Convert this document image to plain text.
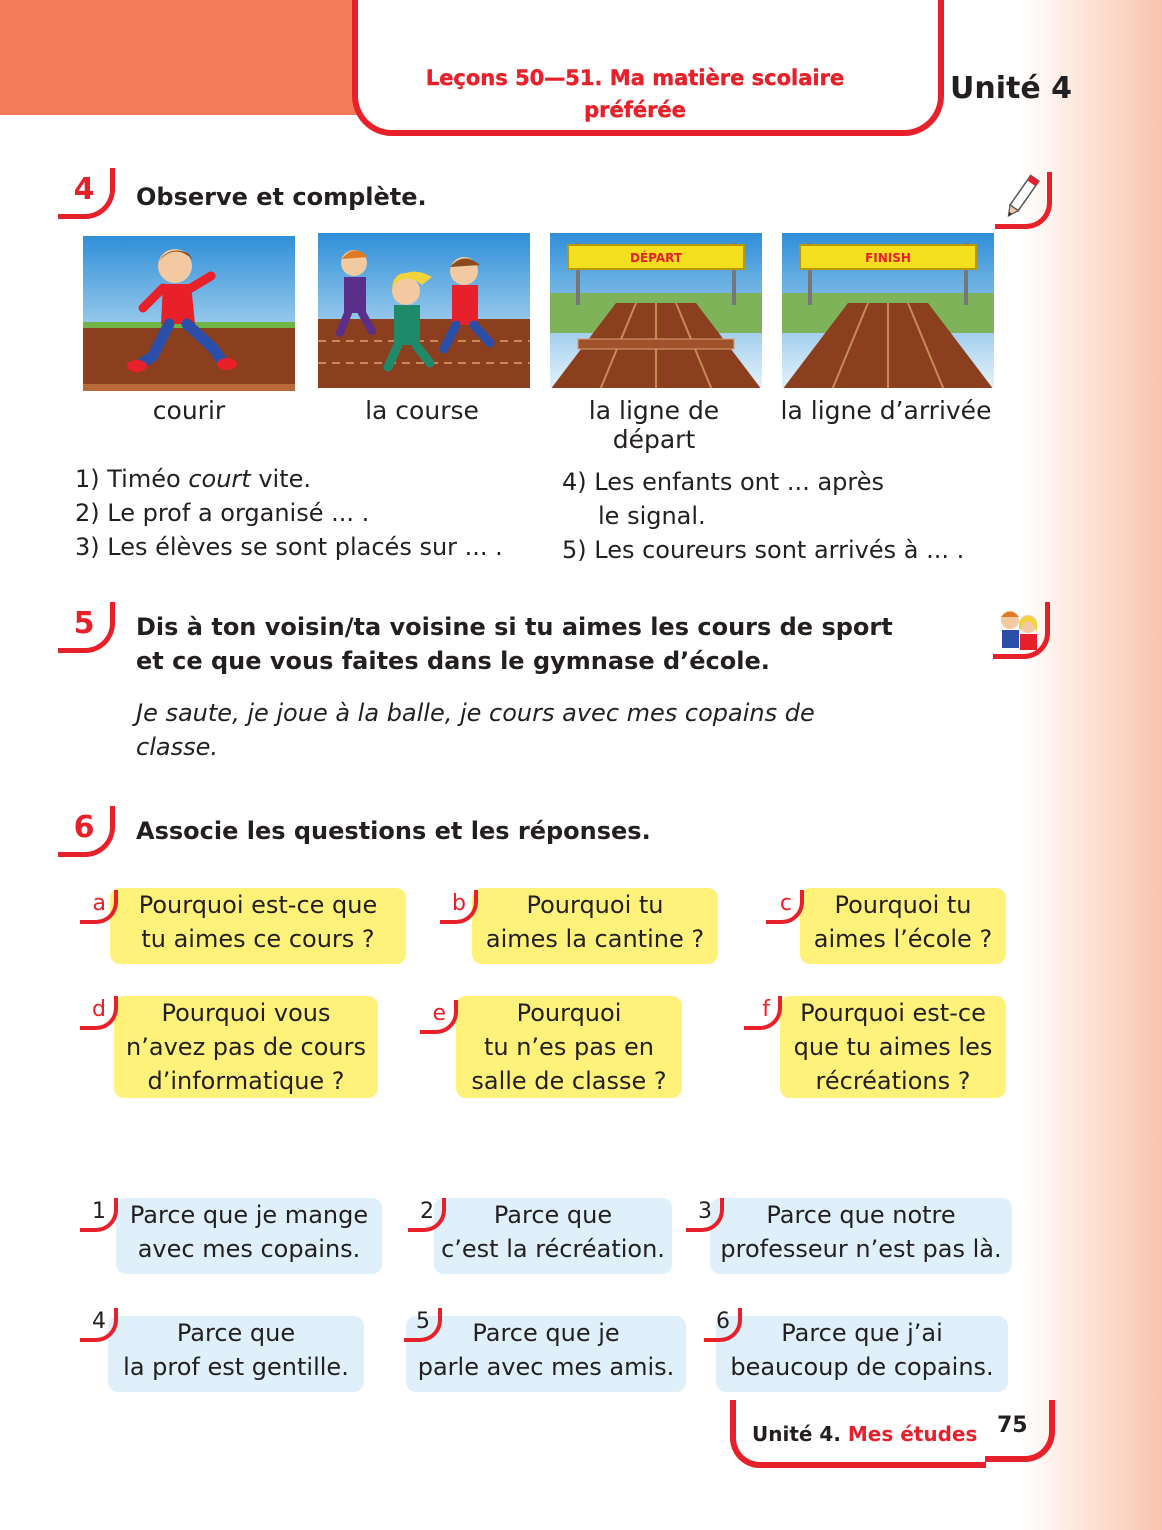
Leçons 50—51. Ma matière scolaire préférée
Unité 4
4	Observe et complète.
DÉPART	FINISH
courir	la course	la ligne de départ
la ligne d’arrivée
1) Timéo court vite.
2) Le prof a organisé ... .
3) Les élèves se sont placés sur ... .
4) Les enfants ont ... après
le signal.
5) Les coureurs sont arrivés à ... .
5	Dis à ton voisin/ta voisine si tu aimes les cours de sport
et ce que vous faites dans le gymnase d’école.
Je saute, je joue à la balle, je cours avec mes copains de
classe.
6	Associe les questions et les réponses.
Pourquoi est-ce que
tu aimes ce cours ?
a	Pourquoi tu
aimes la cantine ?
b	Pourquoi tu
aimes l’école ?
c
Pourquoi vous
n’avez pas de cours
d’informatique ?
d	Pourquoi
tu n’es pas en
salle de classe ?
e	Pourquoi est-ce
que tu aimes les
récréations ?
f
Parce que je mange
avec mes copains.
1	Parce que
c’est la récréation.
2	Parce que notre
professeur n’est pas là.
3
Parce que
la prof est gentille.
4	Parce que je
parle avec mes amis.
5	Parce que j’ai
beaucoup de copains.
6
Unité 4. Mes études 75
